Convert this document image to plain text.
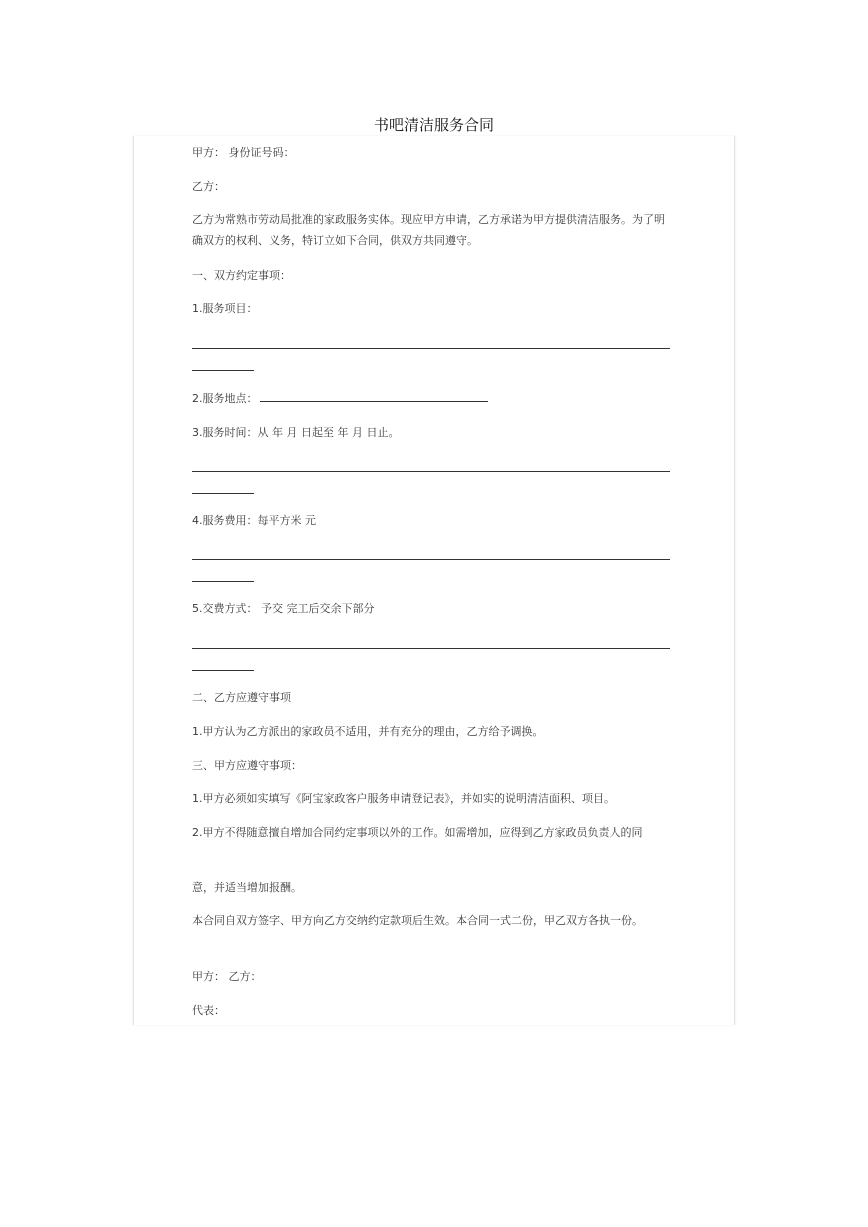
书吧清洁服务合同
甲方： 身份证号码：
乙方：
乙方为常熟市劳动局批准的家政服务实体。现应甲方申请，乙方承诺为甲方提供清洁服务。为了明确双方的权利、义务，特订立如下合同，供双方共同遵守。
一、双方约定事项：
1.服务项目：
2.服务地点：
3.服务时间：从 年 月 日起至 年 月 日止。
4.服务费用：每平方米 元
5.交费方式： 予交 完工后交余下部分
二、乙方应遵守事项
1.甲方认为乙方派出的家政员不适用，并有充分的理由，乙方给予调换。
三、甲方应遵守事项：
1.甲方必须如实填写《阿宝家政客户服务申请登记表》，并如实的说明清洁面积、项目。
2.甲方不得随意擅自增加合同约定事项以外的工作。如需增加，应得到乙方家政员负责人的同
意，并适当增加报酬。
本合同自双方签字、甲方向乙方交纳约定款项后生效。本合同一式二份，甲乙双方各执一份。
甲方： 乙方：
代表：
